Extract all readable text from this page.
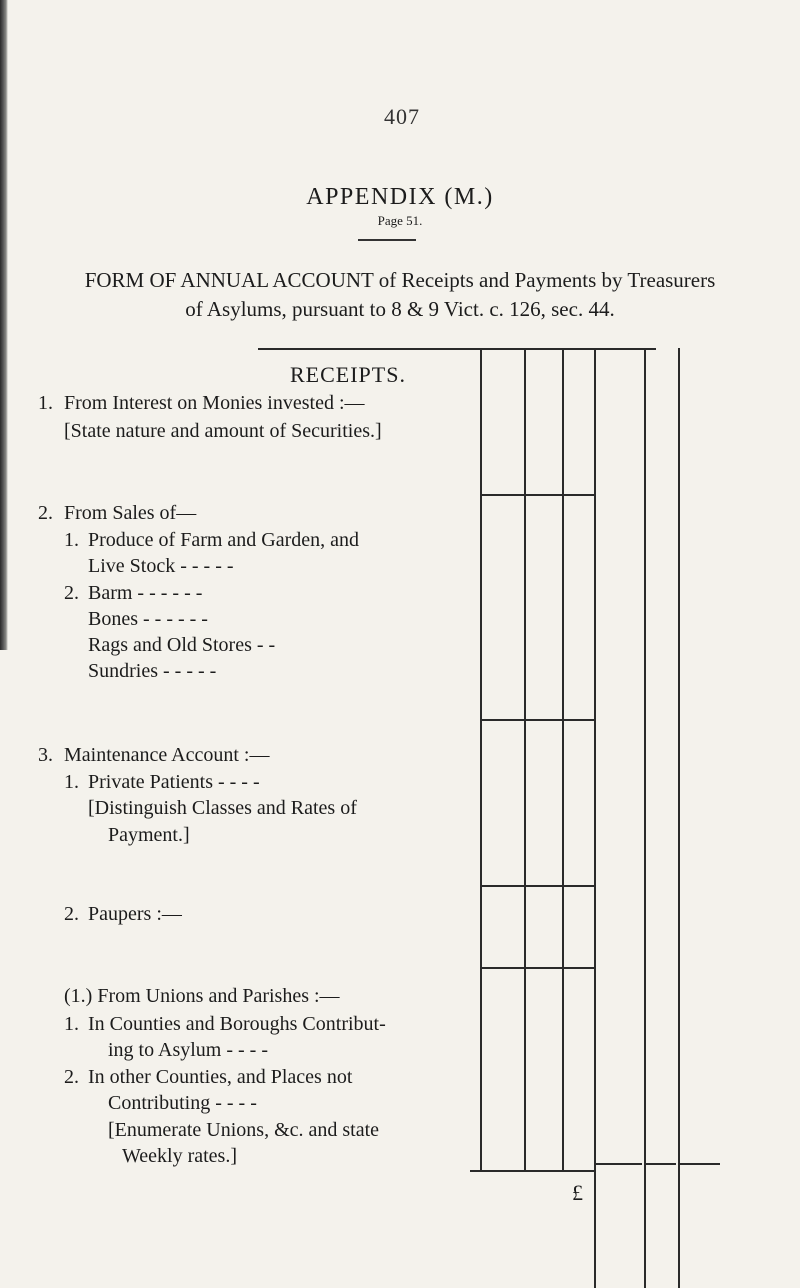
407
APPENDIX (M.)
Page 51.
FORM OF ANNUAL ACCOUNT of Receipts and Payments by Treasurers
of Asylums, pursuant to 8 & 9 Vict. c. 126, sec. 44.
RECEIPTS.
1. From Interest on Monies invested :—
[State nature and amount of Securities.]
2. From Sales of—
1. Produce of Farm and Garden, and
Live Stock - - - - -
2. Barm - - - - - -
Bones - - - - - -
Rags and Old Stores - -
Sundries - - - - -
3. Maintenance Account :—
1. Private Patients - - - -
[Distinguish Classes and Rates of
Payment.]
2. Paupers :—
(1.) From Unions and Parishes :—
1. In Counties and Boroughs Contribut-
ing to Asylum - - - -
2. In other Counties, and Places not
Contributing - - - -
[Enumerate Unions, &c. and state
Weekly rates.]
£
